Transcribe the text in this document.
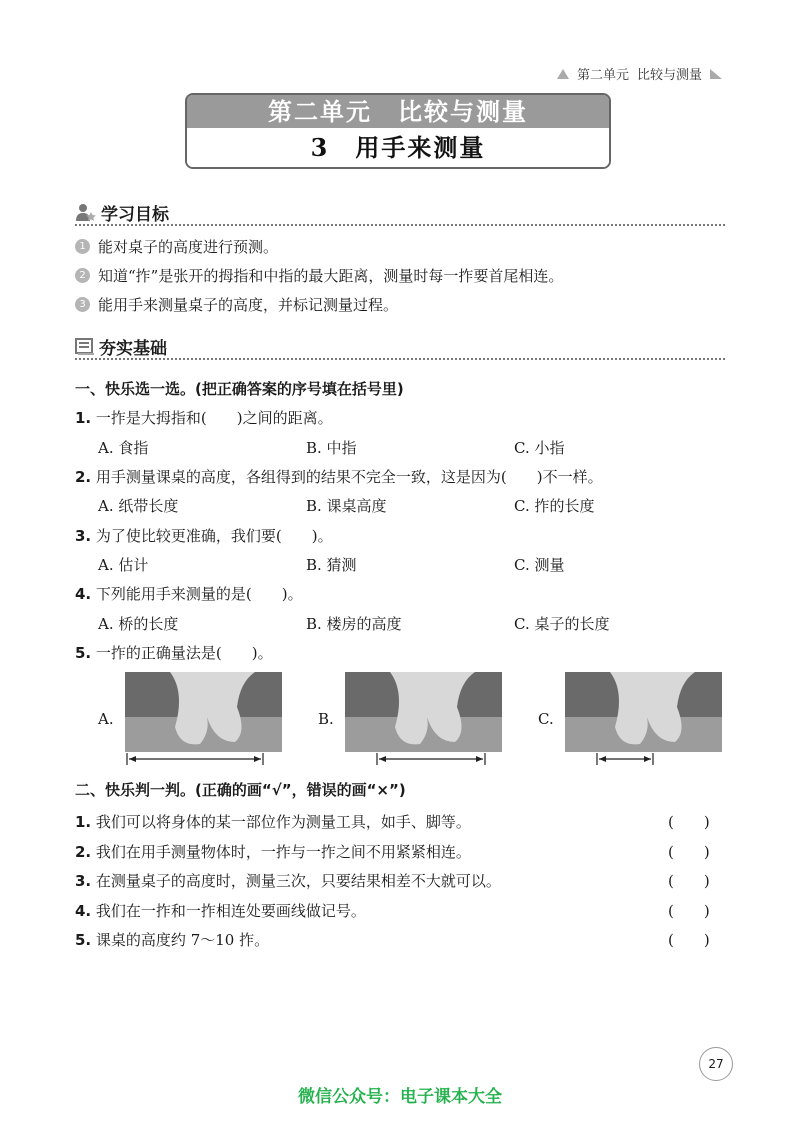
第二单元 比较与测量
第二单元　比较与测量
3　用手来测量
学习目标
1 能对桌子的高度进行预测。
2 知道“拃”是张开的拇指和中指的最大距离，测量时每一拃要首尾相连。
3 能用手来测量桌子的高度，并标记测量过程。
夯实基础
一、快乐选一选。(把正确答案的序号填在括号里)
1. 一拃是大拇指和(　　)之间的距离。
A. 食指	B. 中指	C. 小指
2. 用手测量课桌的高度，各组得到的结果不完全一致，这是因为(　　)不一样。
A. 纸带长度	B. 课桌高度	C. 拃的长度
3. 为了使比较更准确，我们要(　　)。
A. 估计	B. 猜测	C. 测量
4. 下列能用手来测量的是(　　)。
A. 桥的长度	B. 楼房的高度	C. 桌子的长度
5. 一拃的正确量法是(　　)。
A.	B.	C.
二、快乐判一判。(正确的画“√”，错误的画“×”)
1. 我们可以将身体的某一部位作为测量工具，如手、脚等。	(　　)
2. 我们在用手测量物体时，一拃与一拃之间不用紧紧相连。	(　　)
3. 在测量桌子的高度时，测量三次，只要结果相差不大就可以。	(　　)
4. 我们在一拃和一拃相连处要画线做记号。	(　　)
5. 课桌的高度约 7～10 拃。	(　　)
27
微信公众号：电子课本大全
